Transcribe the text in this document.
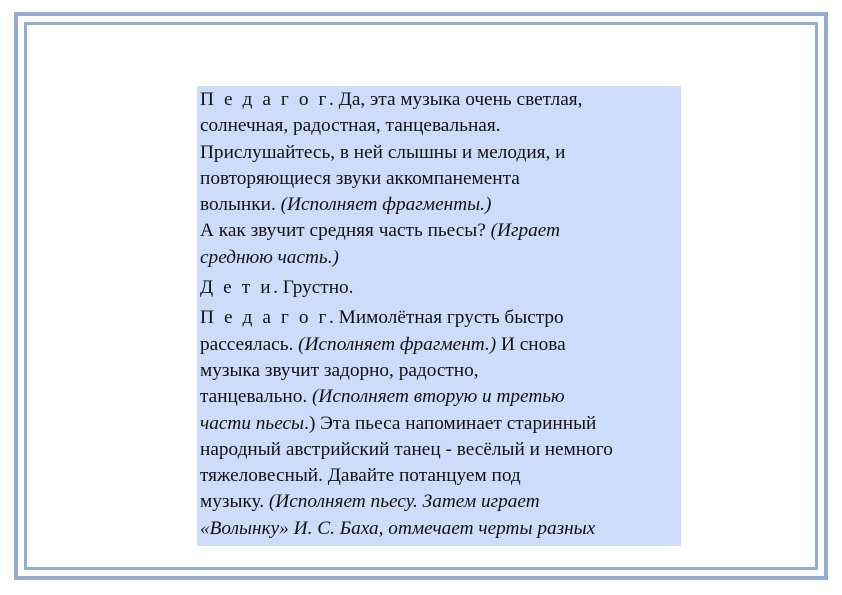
П е д а г о г. Да, эта музыка очень светлая,
солнечная, радостная, танцевальная.
Прислушайтесь, в ней слышны и мелодия, и
повторяющиеся звуки аккомпанемента
волынки. (Исполняет фрагменты.)
А как звучит средняя часть пьесы? (Играет
среднюю часть.)
Д е т и. Грустно.
П е д а г о г. Мимолётная грусть быстро
рассеялась. (Исполняет фрагмент.) И снова
музыка звучит задорно, радостно,
танцевально. (Исполняет вторую и третью
части пьесы.) Эта пьеса напоминает старинный
народный австрийский танец - весёлый и немного
тяжеловесный. Давайте потанцуем под
музыку. (Исполняет пьесу. Затем играет
«Волынку» И. С. Баха, отмечает черты разных
